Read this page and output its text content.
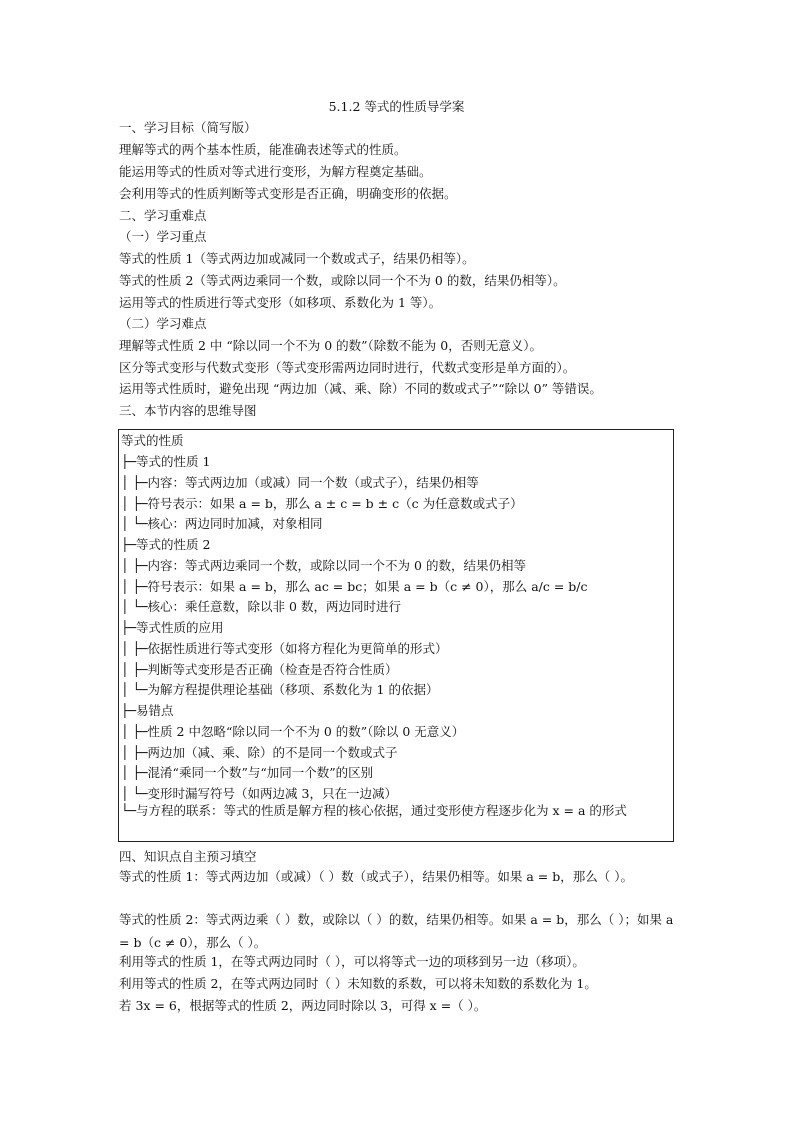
5.1.2 等式的性质导学案
一、学习目标（简写版）
理解等式的两个基本性质，能准确表述等式的性质。
能运用等式的性质对等式进行变形，为解方程奠定基础。
会利用等式的性质判断等式变形是否正确，明确变形的依据。
二、学习重难点
（一）学习重点
等式的性质 1（等式两边加或减同一个数或式子，结果仍相等）。
等式的性质 2（等式两边乘同一个数，或除以同一个不为 0 的数，结果仍相等）。
运用等式的性质进行等式变形（如移项、系数化为 1 等）。
（二）学习难点
理解等式性质 2 中 “除以同一个不为 0 的数”（除数不能为 0，否则无意义）。
区分等式变形与代数式变形（等式变形需两边同时进行，代数式变形是单方面的）。
运用等式性质时，避免出现 “两边加（减、乘、除）不同的数或式子”“除以 0” 等错误。
三、本节内容的思维导图
等式的性质
├─等式的性质 1
│ ├─内容：等式两边加（或减）同一个数（或式子），结果仍相等
│ ├─符号表示：如果 a = b，那么 a ± c = b ± c（c 为任意数或式子）
│ └─核心：两边同时加减，对象相同
├─等式的性质 2
│ ├─内容：等式两边乘同一个数，或除以同一个不为 0 的数，结果仍相等
│ ├─符号表示：如果 a = b，那么 ac = bc；如果 a = b（c ≠ 0），那么 a/c = b/c
│ └─核心：乘任意数，除以非 0 数，两边同时进行
├─等式性质的应用
│ ├─依据性质进行等式变形（如将方程化为更简单的形式）
│ ├─判断等式变形是否正确（检查是否符合性质）
│ └─为解方程提供理论基础（移项、系数化为 1 的依据）
├─易错点
│ ├─性质 2 中忽略“除以同一个不为 0 的数”（除以 0 无意义）
│ ├─两边加（减、乘、除）的不是同一个数或式子
│ ├─混淆“乘同一个数”与“加同一个数”的区别
│ └─变形时漏写符号（如两边减 3，只在一边减）
└─与方程的联系：等式的性质是解方程的核心依据，通过变形使方程逐步化为 x = a 的形式
四、知识点自主预习填空
等式的性质 1：等式两边加（或减）（ ）数（或式子），结果仍相等。如果 a = b，那么（ ）。
等式的性质 2：等式两边乘（ ）数，或除以（ ）的数，结果仍相等。如果 a = b，那么（ ）；如果 a = b（c ≠ 0），那么（ ）。
利用等式的性质 1，在等式两边同时（ ），可以将等式一边的项移到另一边（移项）。
利用等式的性质 2，在等式两边同时（ ）未知数的系数，可以将未知数的系数化为 1。
若 3x = 6，根据等式的性质 2，两边同时除以 3，可得 x =（ ）。
